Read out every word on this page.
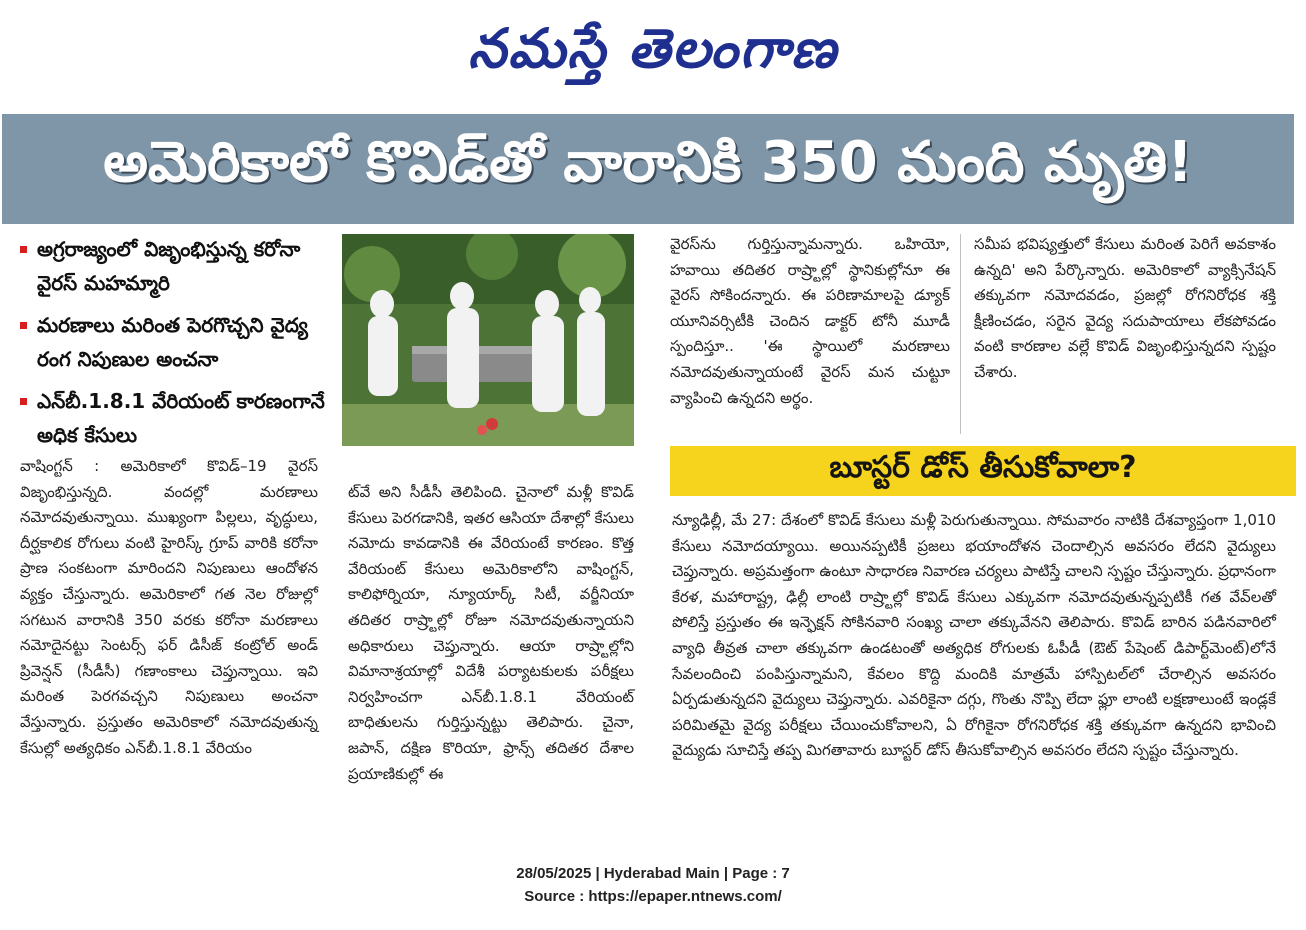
నమస్తే తెలంగాణ
అమెరికాలో కొవిడ్‌తో వారానికి 350 మంది మృతి!
అగ్రరాజ్యంలో విజృంభిస్తున్న కరోనా వైరస్ మహమ్మారి
మరణాలు మరింత పెరగొచ్చని వైద్య రంగ నిపుణుల అంచనా
ఎన్‌బీ.1.8.1 వేరియంట్ కారణంగానే అధిక కేసులు
వాషింగ్టన్ : అమెరికాలో కొవిడ్–19 వైరస్ విజృంభిస్తున్నది. వందల్లో మరణాలు నమోదవుతున్నాయి. ముఖ్యంగా పిల్లలు, వృద్ధులు, దీర్ఘకాలిక రోగులు వంటి హైరిస్క్ గ్రూప్ వారికి కరోనా ప్రాణ సంకటంగా మారిందని నిపుణులు ఆందోళన వ్యక్తం చేస్తున్నారు. అమెరికాలో గత నెల రోజుల్లో సగటున వారానికి 350 వరకు కరోనా మరణాలు నమోదైనట్టు సెంటర్స్ ఫర్ డిసీజ్ కంట్రోల్ అండ్ ప్రివెన్షన్ (సీడీసీ) గణాంకాలు చెప్తున్నాయి. ఇవి మరింత పెరగవచ్చని నిపుణులు అంచనా వేస్తున్నారు. ప్రస్తుతం అమెరికాలో నమోదవుతున్న కేసుల్లో అత్యధికం ఎన్‌బీ.1.8.1 వేరియం
ట్‌వే అని సీడీసీ తెలిపింది. చైనాలో మళ్లీ కొవిడ్ కేసులు పెరగడానికి, ఇతర ఆసియా దేశాల్లో కేసులు నమోదు కావడానికి ఈ వేరియంటే కారణం. కొత్త వేరియంట్ కేసులు అమెరికాలోని వాషింగ్టన్, కాలిఫోర్నియా, న్యూయార్క్ సిటీ, వర్జీనియా తదితర రాష్ర్టాల్లో రోజూ నమోదవుతున్నాయని అధికారులు చెప్తున్నారు. ఆయా రాష్ర్టాల్లోని విమానాశ్రయాల్లో విదేశీ పర్యాటకులకు పరీక్షలు నిర్వహించగా ఎన్‌బీ.1.8.1 వేరియంట్ బాధితులను గుర్తిస్తున్నట్టు తెలిపారు. చైనా, జపాన్, దక్షిణ కొరియా, ఫ్రాన్స్ తదితర దేశాల ప్రయాణికుల్లో ఈ
వైరస్‌ను గుర్తిస్తున్నామన్నారు. ఒహియో, హవాయి తదితర రాష్ర్టాల్లో స్థానికుల్లోనూ ఈ వైరస్ సోకిందన్నారు. ఈ పరిణామాలపై డ్యూక్ యూనివర్సిటీకి చెందిన డాక్టర్ టోనీ మూడీ స్పందిస్తూ.. 'ఈ స్థాయిలో మరణాలు నమోదవుతున్నాయంటే వైరస్ మన చుట్టూ వ్యాపించి ఉన్నదని అర్థం.
సమీప భవిష్యత్తులో కేసులు మరింత పెరిగే అవకాశం ఉన్నది' అని పేర్కొన్నారు. అమెరికాలో వ్యాక్సినేషన్ తక్కువగా నమోదవడం, ప్రజల్లో రోగనిరోధక శక్తి క్షీణించడం, సరైన వైద్య సదుపాయాలు లేకపోవడం వంటి కారణాల వల్లే కొవిడ్ విజృంభిస్తున్నదని స్పష్టం చేశారు.
బూస్టర్ డోస్ తీసుకోవాలా?
న్యూఢిల్లీ, మే 27: దేశంలో కొవిడ్ కేసులు మళ్లీ పెరుగుతున్నాయి. సోమవారం నాటికి దేశవ్యాప్తంగా 1,010 కేసులు నమోదయ్యాయి. అయినప్పటికీ ప్రజలు భయాందోళన చెందాల్సిన అవసరం లేదని వైద్యులు చెప్తున్నారు. అప్రమత్తంగా ఉంటూ సాధారణ నివారణ చర్యలు పాటిస్తే చాలని స్పష్టం చేస్తున్నారు. ప్రధానంగా కేరళ, మహారాష్ట్ర, ఢిల్లీ లాంటి రాష్ర్టాల్లో కొవిడ్ కేసులు ఎక్కువగా నమోదవుతున్నప్పటికీ గత వేవ్‌లతో పోలిస్తే ప్రస్తుతం ఈ ఇన్ఫెక్షన్ సోకినవారి సంఖ్య చాలా తక్కువేనని తెలిపారు. కొవిడ్ బారిన పడినవారిలో వ్యాధి తీవ్రత చాలా తక్కువగా ఉండటంతో అత్యధిక రోగులకు ఓపీడీ (ఔట్ పేషెంట్ డిపార్ట్‌మెంట్)లోనే సేవలందించి పంపిస్తున్నామని, కేవలం కొద్ది మందికి మాత్రమే హాస్పిటల్‌లో చేరాల్సిన అవసరం ఏర్పడుతున్నదని వైద్యులు చెప్తున్నారు. ఎవరికైనా దగ్గు, గొంతు నొప్పి లేదా ఫ్లూ లాంటి లక్షణాలుంటే ఇండ్లకే పరిమితమై వైద్య పరీక్షలు చేయించుకోవాలని, ఏ రోగికైనా రోగనిరోధక శక్తి తక్కువగా ఉన్నదని భావించి వైద్యుడు సూచిస్తే తప్ప మిగతావారు బూస్టర్ డోస్ తీసుకోవాల్సిన అవసరం లేదని స్పష్టం చేస్తున్నారు.
28/05/2025 | Hyderabad Main | Page : 7
Source : https://epaper.ntnews.com/
